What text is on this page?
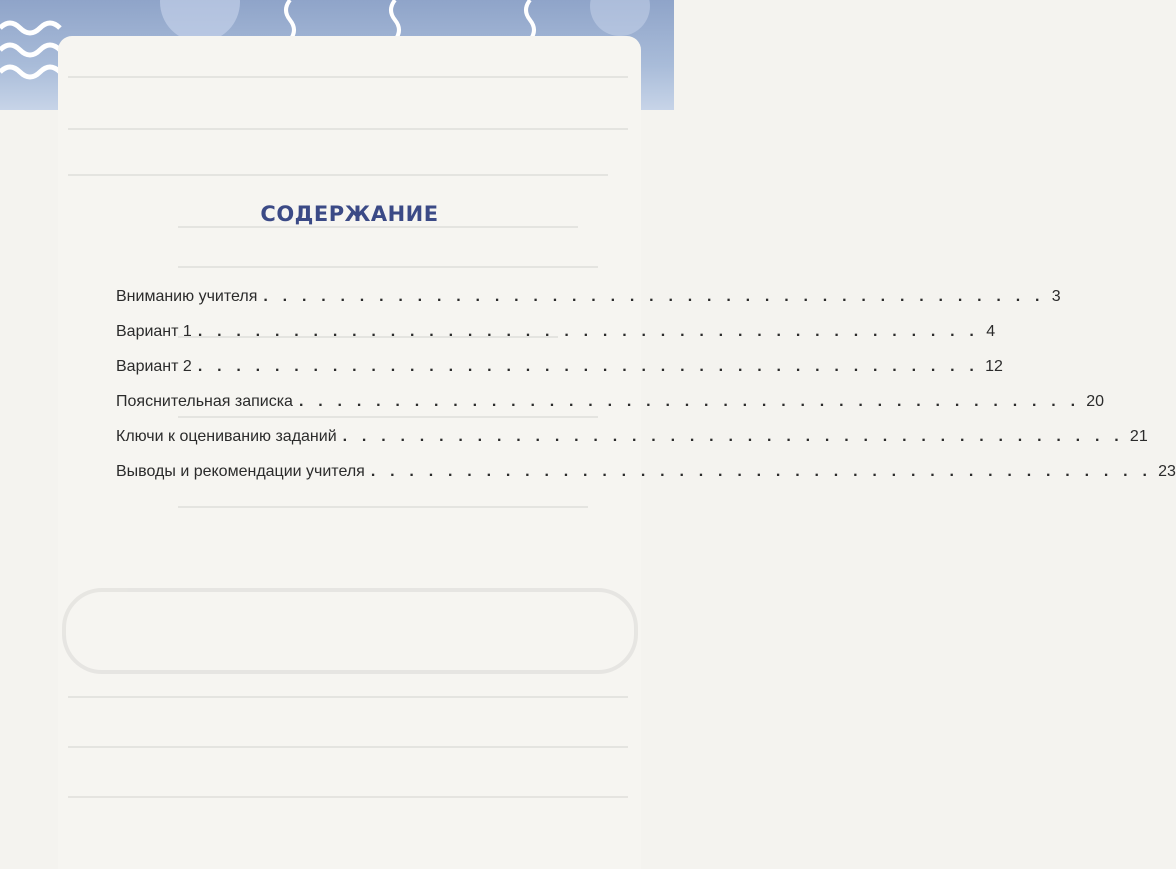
СОДЕРЖАНИЕ
Вниманию учителя . . . . . . . . . . . . . . . . . . . . . . . . . . . . . . . . . . . . . . . . . 3
Вариант 1 . . . . . . . . . . . . . . . . . . . . . . . . . . . . . . . . . . . . . . . . . 4
Вариант 2 . . . . . . . . . . . . . . . . . . . . . . . . . . . . . . . . . . . . . . . . . 12
Пояснительная записка . . . . . . . . . . . . . . . . . . . . . . . . . . . . . . . . . . . . . . . . . 20
Ключи к оцениванию заданий . . . . . . . . . . . . . . . . . . . . . . . . . . . . . . . . . . . . . . . . . 21
Выводы и рекомендации учителя . . . . . . . . . . . . . . . . . . . . . . . . . . . . . . . . . . . . . . . . . 23
